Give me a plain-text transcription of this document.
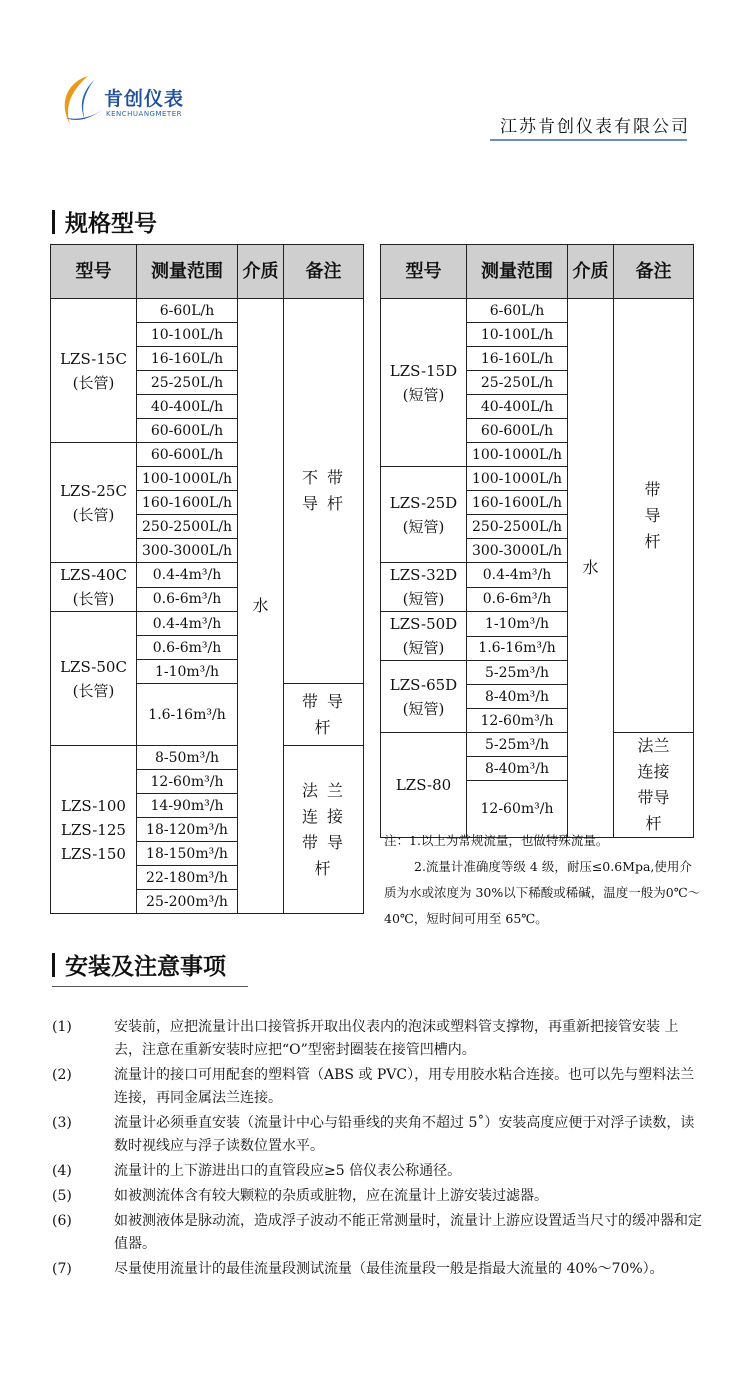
肯创仪表
KENCHUANGMETER
江苏肯创仪表有限公司
规格型号
型号	测量范围	介质	备注

LZS-15C
(长管)	6-60L/h	水	不 带 导 杆

	10-100L/h		
	16-160L/h		
	25-250L/h		
	40-400L/h		
	60-600L/h		

LZS-25C
(长管)	60-600L/h		
	100-1000L/h		
	160-1600L/h		
	250-2500L/h		
	300-3000L/h		

LZS-40C
(长管)	0.4-4m³/h		
	0.6-6m³/h		

LZS-50C
(长管)	0.4-4m³/h		
	0.6-6m³/h		
	1-10m³/h		
	1.6-16m³/h		带 导 杆

LZS-100
LZS-125
LZS-150	8-50m³/h		法 兰 连 接 带 导 杆

	12-60m³/h		
	14-90m³/h		
	18-120m³/h		
	18-150m³/h		
	22-180m³/h		
	25-200m³/h		
型号	测量范围	介质	备注

LZS-15D
(短管)	6-60L/h	水	带 导 杆

	10-100L/h		
	16-160L/h		
	25-250L/h		
	40-400L/h		
	60-600L/h		
	100-1000L/h		

LZS-25D
(短管)	100-1000L/h		
	160-1600L/h		
	250-2500L/h		
	300-3000L/h		

LZS-32D
(短管)	0.4-4m³/h		
	0.6-6m³/h		

LZS-50D
(短管)	1-10m³/h		
	1.6-16m³/h		

LZS-65D
(短管)	5-25m³/h		
	8-40m³/h		
	12-60m³/h		

LZS-80	5-25m³/h		法兰 连接 带导 杆

	8-40m³/h		
	12-60m³/h		

注：1.以上为常规流量，也做特殊流量。

2.流量计准确度等级 4 级，耐压≤0.6Mpa,使用介质为水或浓度为 30%以下稀酸或稀碱，温度一般为0℃～40℃，短时间可用至 65℃。

安装及注意事项
(1)	安装前，应把流量计出口接管拆开取出仪表内的泡沫或塑料管支撑物，再重新把接管安装 上去，注意在重新安装时应把“O”型密封圈装在接管凹槽内。
(2)	流量计的接口可用配套的塑料管（ABS 或 PVC），用专用胶水粘合连接。也可以先与塑料法兰连接，再同金属法兰连接。
(3)	流量计必须垂直安装（流量计中心与铅垂线的夹角不超过 5˚）安装高度应便于对浮子读数，读数时视线应与浮子读数位置水平。
(4)	流量计的上下游进出口的直管段应≥5 倍仪表公称通径。
(5)	如被测流体含有较大颗粒的杂质或脏物，应在流量计上游安装过滤器。
(6)	如被测液体是脉动流，造成浮子波动不能正常测量时，流量计上游应设置适当尺寸的缓冲器和定值器。
(7)	尽量使用流量计的最佳流量段测试流量（最佳流量段一般是指最大流量的 40%～70%）。
